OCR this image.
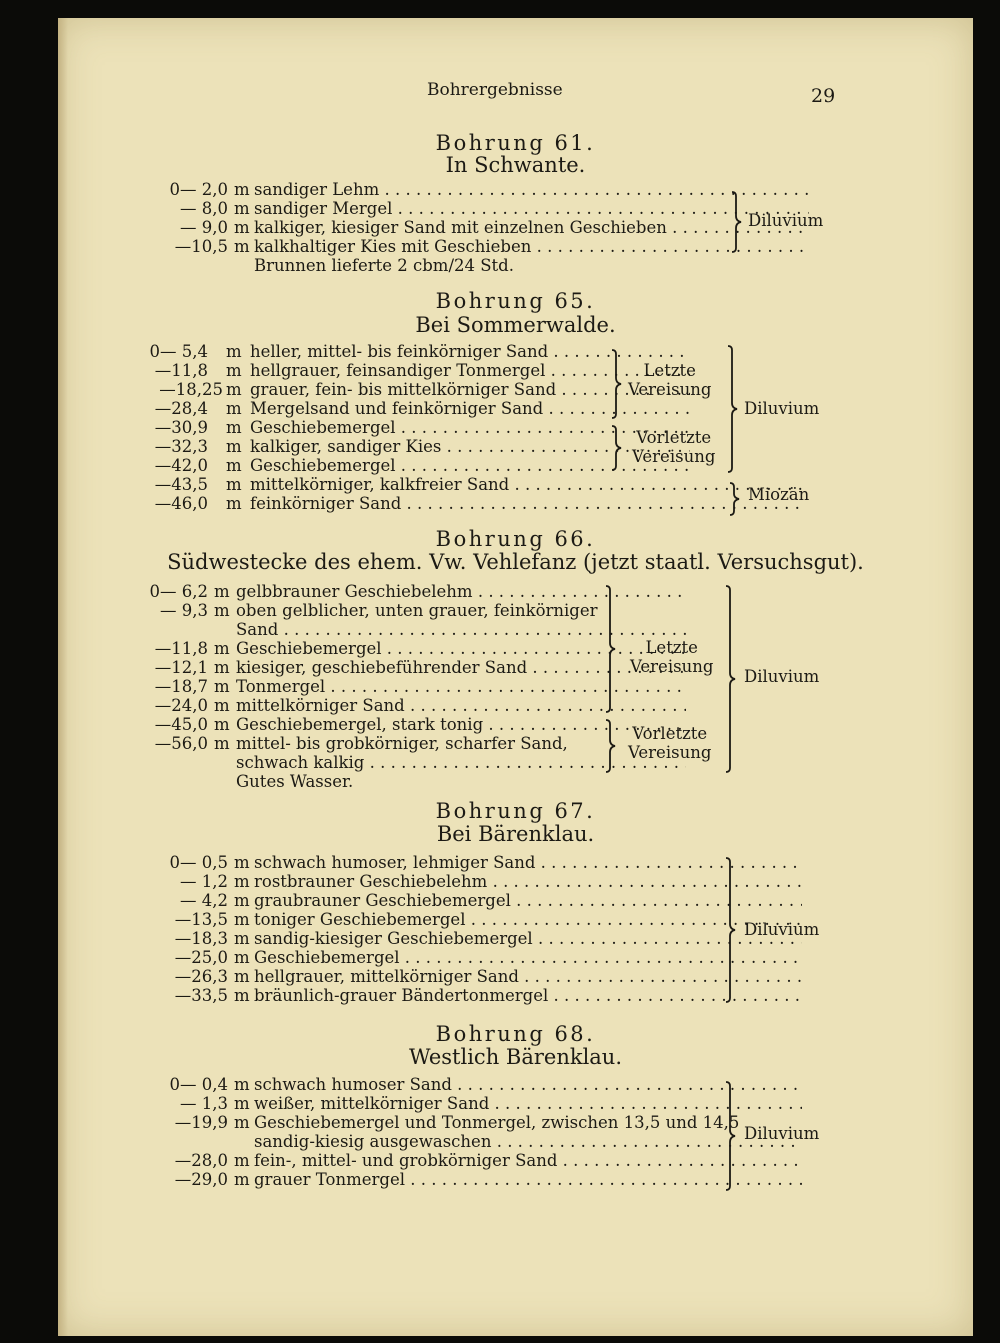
Bohrergebnisse	29
Bohrung 61.
In Schwante.
0— 2,0 m sandiger Lehm . . .
— 8,0 m sandiger Mergel . . .
— 9,0 m kalkiger, kiesiger Sand mit einzelnen Geschieben . . .
—10,5 m kalkhaltiger Kies mit Geschieben . . .
Brunnen lieferte 2 cbm/24 Std.
Diluvium
Bohrung 65.
Bei Sommerwalde.
0— 5,4 m heller, mittel- bis feinkörniger Sand . . .
—11,8 m hellgrauer, feinsandiger Tonmergel . . .
—18,25 m grauer, fein- bis mittelkörniger Sand . . .
—28,4 m Mergelsand und feinkörniger Sand . . .
—30,9 m Geschiebemergel . . .
—32,3 m kalkiger, sandiger Kies . . .
—42,0 m Geschiebemergel . . .
—43,5 m mittelkörniger, kalkfreier Sand . . .
—46,0 m feinkörniger Sand . . .
Letzte
Vereisung
Vorletzte
Vereisung
Diluvium
Miozän
Bohrung 66.
Südwestecke des ehem. Vw. Vehlefanz (jetzt staatl. Versuchsgut).
0— 6,2 m gelbbrauner Geschiebelehm . . .
— 9,3 m oben gelblicher, unten grauer, feinkörniger
Sand . . .
—11,8 m Geschiebemergel . . .
—12,1 m kiesiger, geschiebeführender Sand . . .
—18,7 m Tonmergel . . .
—24,0 m mittelkörniger Sand . . .
—45,0 m Geschiebemergel, stark tonig . . .
—56,0 m mittel- bis grobkörniger, scharfer Sand,
schwach kalkig . . .
Gutes Wasser.
Letzte
Vereisung
Vorletzte
Vereisung
Diluvium
Bohrung 67.
Bei Bärenklau.
0— 0,5 m schwach humoser, lehmiger Sand . . .
— 1,2 m rostbrauner Geschiebelehm . . .
— 4,2 m graubrauner Geschiebemergel . . .
—13,5 m toniger Geschiebemergel . . .
—18,3 m sandig-kiesiger Geschiebemergel . . .
—25,0 m Geschiebemergel . . .
—26,3 m hellgrauer, mittelkörniger Sand . . .
—33,5 m bräunlich-grauer Bändertonmergel . . .
Diluvium
Bohrung 68.
Westlich Bärenklau.
0— 0,4 m schwach humoser Sand . . .
— 1,3 m weißer, mittelkörniger Sand . . .
—19,9 m Geschiebemergel und Tonmergel, zwischen 13,5 und 14,5
sandig-kiesig ausgewaschen . . .
—28,0 m fein-, mittel- und grobkörniger Sand . . .
—29,0 m grauer Tonmergel . . .
Diluvium
